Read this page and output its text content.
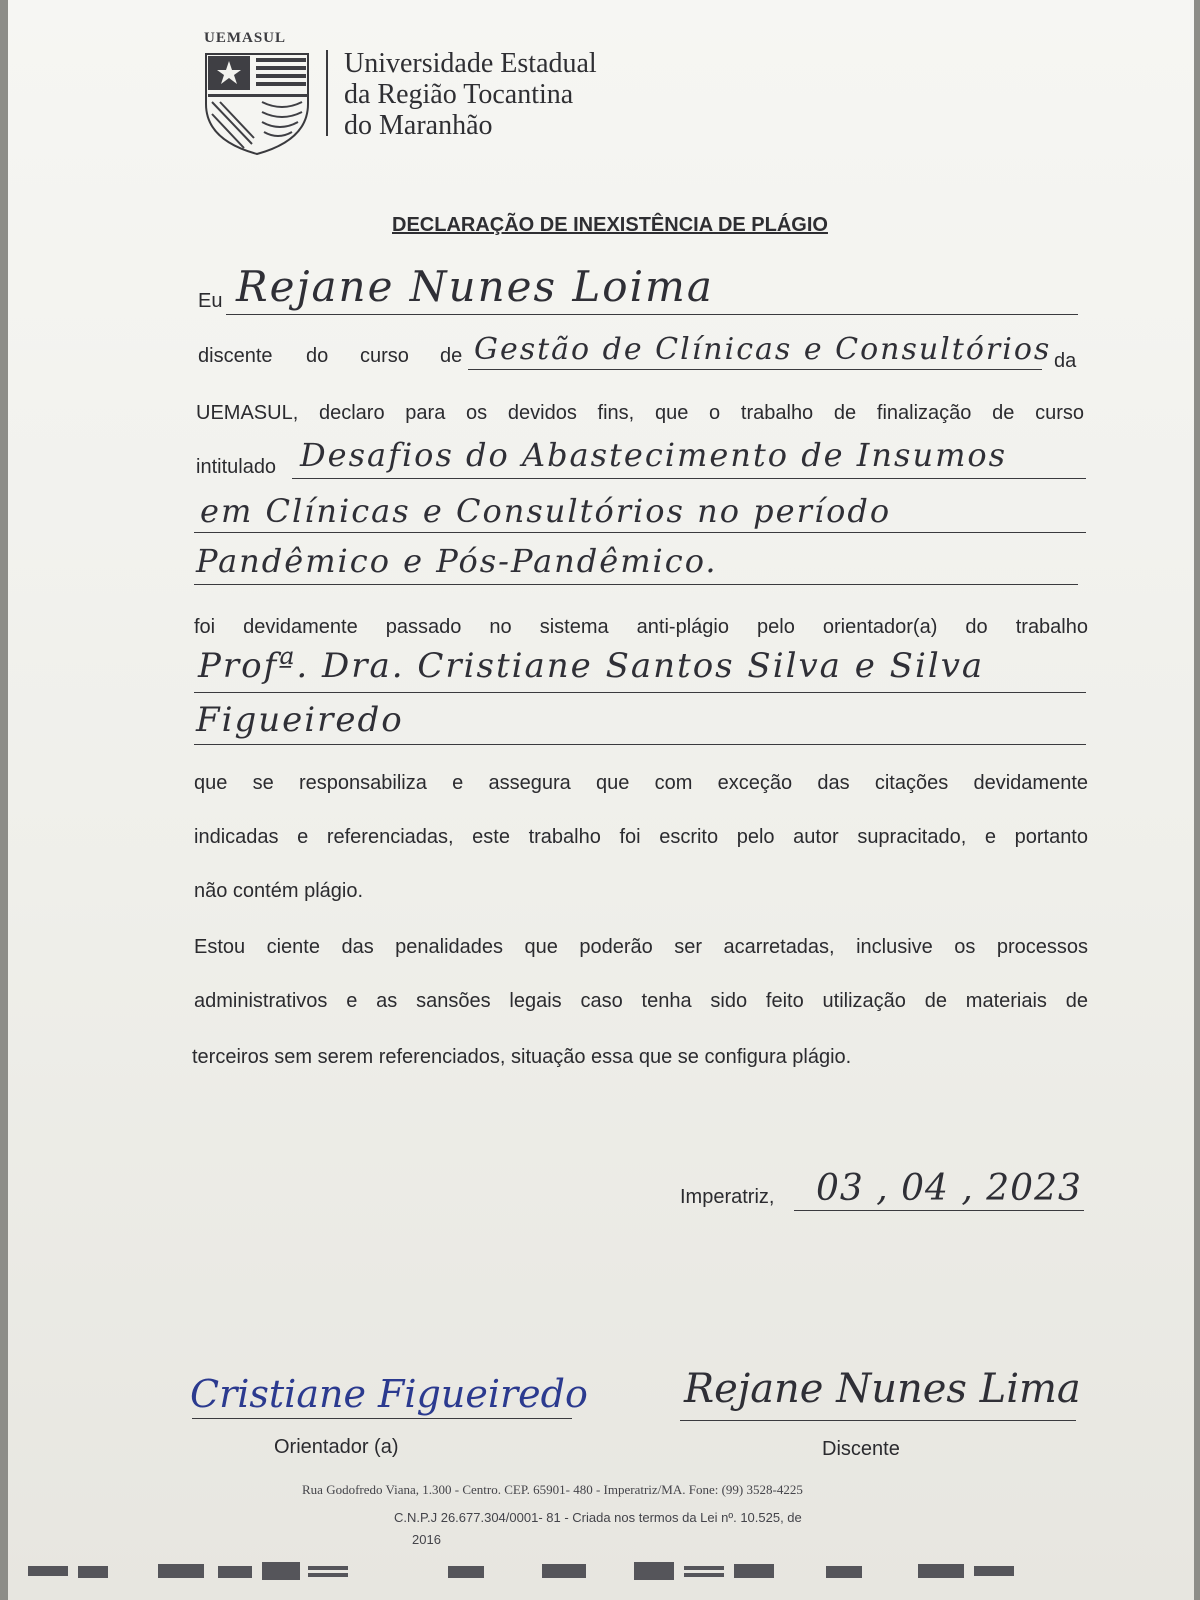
UEMASUL
Universidade Estadual
da Região Tocantina
do Maranhão
DECLARAÇÃO DE INEXISTÊNCIA DE PLÁGIO
Eu Rejane Nunes Loima
discente do curso de Gestão de Clínicas e Consultórios da
UEMASUL, declaro para os devidos fins, que o trabalho de finalização de curso
intitulado Desafios do Abastecimento de Insumos
em Clínicas e Consultórios no período
Pandêmico e Pós-Pandêmico.
foi devidamente passado no sistema anti-plágio pelo orientador(a) do trabalho
Profª. Dra. Cristiane Santos Silva e Silva
Figueiredo
que se responsabiliza e assegura que com exceção das citações devidamente
indicadas e referenciadas, este trabalho foi escrito pelo autor supracitado, e portanto
não contém plágio.
Estou ciente das penalidades que poderão ser acarretadas, inclusive os processos
administrativos e as sansões legais caso tenha sido feito utilização de materiais de
terceiros sem serem referenciados, situação essa que se configura plágio.
Imperatriz, 03 , 04 , 2023
Cristiane Figueiredo
Orientador (a)
Rejane Nunes Lima
Discente
Rua Godofredo Viana, 1.300 - Centro. CEP. 65901- 480 - Imperatriz/MA. Fone: (99) 3528-4225
C.N.P.J 26.677.304/0001- 81 - Criada nos termos da Lei nº. 10.525, de
2016
